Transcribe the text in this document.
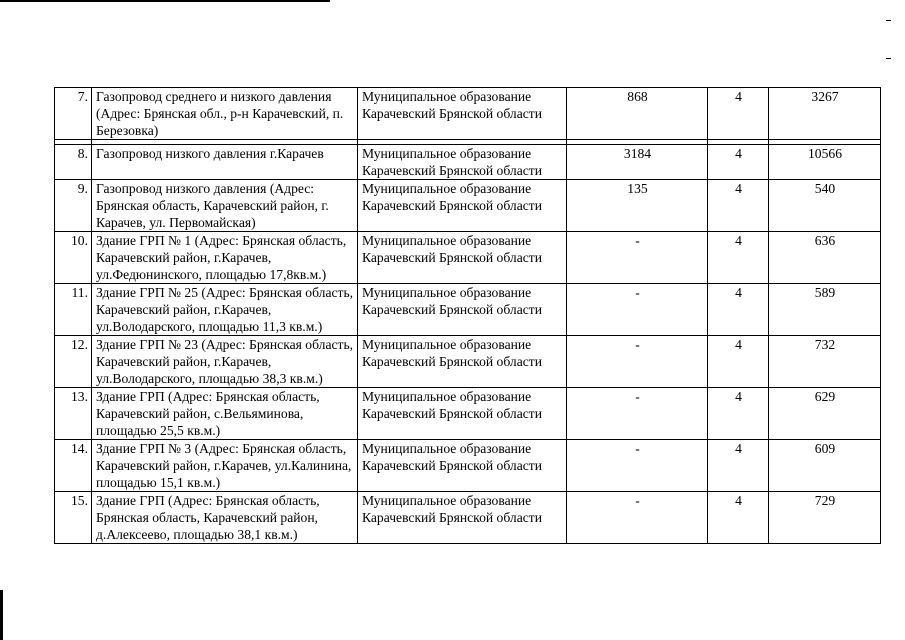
7.	Газопровод среднего и низкого давления (Адрес: Брянская обл., р-н Карачевский, п. Березовка)	Муниципальное образование Карачевский Брянской области	868	4	3267

8.	Газопровод низкого давления г.Карачев	Муниципальное образование Карачевский Брянской области	3184	4	10566
9.	Газопровод низкого давления (Адрес: Брянская область, Карачевский район, г. Карачев, ул. Первомайская)	Муниципальное образование Карачевский Брянской области	135	4	540
10.	Здание ГРП № 1 (Адрес: Брянская область, Карачевский район, г.Карачев, ул.Федюнинского, площадью 17,8кв.м.)	Муниципальное образование Карачевский Брянской области	-	4	636
11.	Здание ГРП № 25 (Адрес: Брянская область, Карачевский район, г.Карачев, ул.Володарского, площадью 11,3 кв.м.)	Муниципальное образование Карачевский Брянской области	-	4	589
12.	Здание ГРП № 23 (Адрес: Брянская область, Карачевский район, г.Карачев, ул.Володарского, площадью 38,3 кв.м.)	Муниципальное образование Карачевский Брянской области	-	4	732
13.	Здание ГРП (Адрес: Брянская область, Карачевский район, с.Вельяминова, площадью 25,5 кв.м.)	Муниципальное образование Карачевский Брянской области	-	4	629
14.	Здание ГРП № 3 (Адрес: Брянская область, Карачевский район, г.Карачев, ул.Калинина, площадью 15,1 кв.м.)	Муниципальное образование Карачевский Брянской области	-	4	609
15.	Здание ГРП (Адрес: Брянская область, Брянская область, Карачевский район, д.Алексеево, площадью 38,1 кв.м.)	Муниципальное образование Карачевский Брянской области	-	4	729
